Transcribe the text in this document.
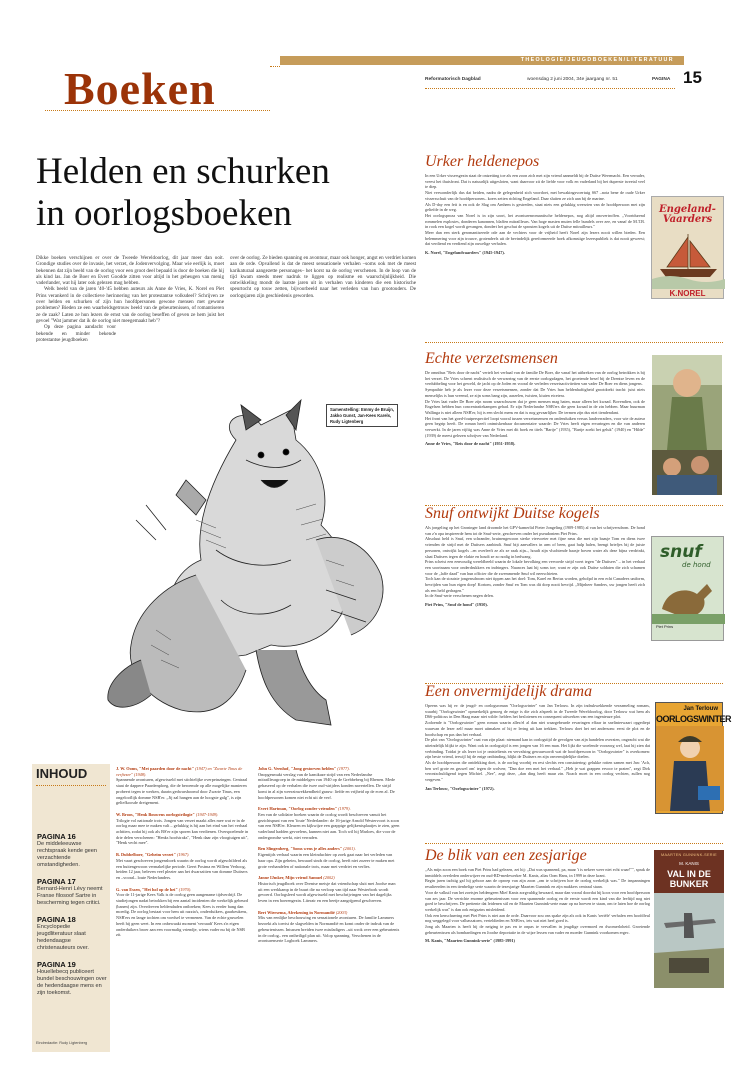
THEOLOGIE/JEUGDBOEKEN/LITERATUUR
Boeken	Reformatorisch Dagblad	woensdag 2 juni 2004, 34e jaargang nr. 51	PAGINA 15
Helden en schurken
in oorlogsboeken
Dikke boeken verschijnen er over de Tweede Wereldoorlog, dit jaar meer dan ooit. Grondige studies over de invasie, het verzet, de Jodenvervolging. Maar wie eerlijk is, moet bekennen dat zijn beeld van de oorlog voor een groot deel bepaald is door de boeken die hij als kind las. Jan de Boer en Evert Goodde zitten voor altijd in het geheugen van menig vaderlander, wat hij later ook gelezen mag hebben.
Welk beeld van de jaren '40-'45 hebben auteurs als Anne de Vries, K. Norel en Piet Prins verankerd in de collectieve herinnering van het protestantse volksdeel? Schrijven ze over helden en schurken of zijn hun hoofdpersonen gewone mensen met gewone problemen? Bieden ze een waarheidsgetrouw beeld van de gebeurtenissen, of romantiseren ze de zaak? Laten ze hun lezers de ernst van de oorlog beseffen of geven ze hem juist het gevoel "Wat jammer dat ik de oorlog niet meegemaakt heb"?
Op deze pagina aandacht voor bekende en minder bekende protestantse jeugdboeken
over de oorlog. Ze bieden spanning en avontuur, maar ook honger, angst en verdriet komen aan de orde. Opvallend is dat de meest sensationele verhalen –soms ook met de meest karikaturaal aangezette personages– het korst na de oorlog verschenen. In de loop van de tijd kwam steeds meer nadruk te liggen op realisme en waarschijnlijkheid. Die ontwikkeling mondt de laatste jaren uit in verhalen van kinderen die een historische speurtocht op touw zetten, bijvoorbeeld naar het verleden van hun grootouders. De oorlogsjaren zijn geschiedenis geworden.
Samenstelling: Emmy de Bruijn, Jakko Gunst, Jan-Kees Karels, Rudy Ligtenberg
INHOUD
PAGINA 16
De middeleeuwse rechtspraak kende geen verzachtende omstandigheden.
PAGINA 17
Bernard-Henri Lévy neemt Franse filosoof Sartre in bescherming tegen critici.
PAGINA 18
Encyclopedie jeugdliteratuur slaat hedendaagse christenauteurs over.
PAGINA 19
Houellebecq publiceert bundel beschouwingen over de hedendaagse mens en zijn toekomst.
Eindredactie: Rudy Ligtenberg
J. W. Ooms, "Met paarden door de nacht" (1947) en "Zwarte Tinus de verftezer" (1948).
Spannende avonturen, afgewisseld met stichtelijke overpeinzingen. Centraal staat de dappere Paardenploeg, die de beroemde op alle mogelijke manieren probeert tegen te werken, daarin gedwarsboomd door Zwarte Tinus, een ongelooflijk domme NSB'er. „Jij zal hangen aan de hoogste galg", is zijn geliefkoosde dreigement.
W. Broos, "Henk Bouwens oorlogstrilogie" (1947-1949).
Trilogie vol nationale trots. Jongen van verzet maakt alles mee wat er in de oorlog maar mee te maken valt – gelukkig is hij aan het eind van het verhaal achttien, zodat hij ook als BS'er zijn sporen kan verdienen. Overspoelende in drie delen verschenen: "Henks hoofstraks", "Henk daar zijn vloogtuigen uit", "Henk vecht mee".
B. Dubbelboer, "Geheim verzet" (1967).
Met vaart geschreven jongensboek waarin de oorlog wordt afgeschilderd als een buitengewoon vermakelijke periode. Geert Postma en Willem Verhoog, beiden 12 jaar, beleven veel plezier aan het dwarszitten van domme Duitsers en –vooral– loute Nederlanders.
G. van Essen, "Het hol op de hei" (1970).
Voor de 11-jarige Kees Valk is de oorlog geen aangename tijdverdrijf. De studiejongen nadat betrokken bij een aantal incidenten die werkelijk gebeurd (banen) zijn. Overdreven heldendaden ontbreken; Kees is eerder bang dan moedig. De oorlog bestaat voor hem uit razzia's, onderduikers, gaarkeukens, NSB'ers en lange tochten om voedsel te vermenen. Van de echte gruwelen heeft hij geen weet. In een onbewaakt moment 'verraadt' Kees z'n eigen onderduikers broer aan een voormalig vriendje, wiens vader nu bij de NSB zit.
John G. Veenhof, "Jong gestorven helden" (1977).
Onopgesmukt verslag van de kamikaze strijd van een Nederlandse mitrailleurgroep in de middelgen van 1940 op de Grebbeberg bij Rhenen. Mede gebaseerd op de verhalen die twee oud-strijders konden navertellen. De strijd komt in al zijn weerzinwekkendheid grauw: liefde en vrijheid op de ecen al. De hoofdpersonen komen niet echt uit de verf.
Evert Hartman, "Oorlog zonder vrienden" (1979).
Een van de solidaire boeken waarin de oorlog wordt beschreven vanuit het gezichtspunt van een 'foute' Nederlander: de 16-jarige Arnold Westervoort is zoon van een NSB'er. Kleuren en kijkwijze een grappige gelijkenisplaatjes te zien, geen vaderland hadden gevoelens, kunnen niet aan. Toch wil hij Marloes, die voor de ondergrondse werkt, niet verraden.
Ben Slingenberg, "Soms wens je alles anders" (2001).
Eigentijds verhaal waarin een kleinduchter op zoek gaat naar het verleden van haar opa. Zijn geheim, bewaard sinds de oorlog, heeft niet zozeer te maken met grote verhandelen of nationale trots, maar met verdriet en verlies.
Janne IJmker, Mijn vriend Samuel (2002)
Historisch jeugdboek over Drentse meisje dat vriendschap sluit met Joodse man uit een werkkamp in de buurt die na verloop van tijd naar Westerbork wordt gevoerd. Oorlogsleed wordt afgewisseld met beschrijvingen van het dagelijks leven in een boerengezin. Literair en een beetje aangrijpend geschreven.
Bert Wiersema, Afrekening in Normandië (2003)
Mix van eenlijke beschouwing en sensationele avonturen. De familie Lammers bezoekt als toerist de slagvelden in Normandië en komt onder de indruk van de gebeurtenissen. Intussen breiden twee misdadigers –uit wrok over een gebeurtenis in de oorlog– een ontheiligd plan uit. Volop spanning. Verschenen in de avonturenserie Logboek Lammers.
Urker heldenepos
In een Urker vissersgezin staat de ontzetting toe als een zoon zich met zijn vriend aanmeldt bij de Duitse Weermacht. Een verrader, vreest het thuisfront. Dat is natuurlijk uitgesloten, want daarvoor zit de liefde voor volk en vaderland bij het duperste tweetal veel te diep.
Niet verwonderlijk dus dat beiden, nadra de gelegenheid zich voordoet, met bewakingsvoertuig S67 –nota bene de oude Urker vissersschuit van de hoofdpersonen– koers zetten richting Engeland. Daar sluiten ze zich aan bij de marine.
Als D-day een feit is en ook de Slag om Arnhem is gestreden, staat niets een gelukkig weerzien van de hoofdpersoon met zijn geliefde in de weg.
Het oorlogsproza van Norel is in zijn soort, het avonturenromantische heldenepos, nog altijd onovertroffen. „Voortdurend rommelen explosies, donderen kanonnen, blaffen mitrailleurs. Van hoge masten muien felle bundels over zee, en vanaf de M.T.B. in rook een kogel wordt gevangen, dondert het geschut de sprouten kogels uit de Duitse mitrailleurs."
Meer dan een sterk geromantiseerde ode aan de vechters voor de vrijheid heeft Norel zijn lezers nooit willen bieden. Een belemmering voor zijn trouwe, grotendeels uit de bevindelijk gereformeerde hoek afkomstige lezerspubliek is dat nooit geweest; dat verdiend en verdiend zijn ouwelige verhalen.
K. Norel, "Engelandvaarders" (1945-1947).
Engeland-Vaarders
K.NOREL
Echte verzetsmensen
De omnibus "Reis door de nacht" vertelt het verhaal van de familie De Boer, die vanaf het uitbreken van de oorlog betrokken is bij het verzet. De Vries schrent realistisch de verwarring van de eerste oorlogsdagen, het groeiende besef bij de Drentse leven en de verdubbeling voor het geweld, de jacht op de Joden en vooral de verleden verzetsactiviteiten van vader De Boer en diens jongens.
Sympathie heb je als lezer voor deze verzetsmensen, zonder dat De Vries hun heldenhaftigheid grootdoekt tracht: juist niets menselijks is hun vreemd, ze zijn soms bang zijn, aarzelen, twisten, kiuien etcetera.
De Vries laat vader De Boer zijn noom waarschuwen dat je geen mensen mag haten, maar alleen het kwaad. Bovendien, ook de Engelsen hebben hun concentratiekampen gehad. Er zijn Nederlandse NSB'ers die geen kwaad in de zin hebben. Maar buurman Wallinga is niet alleen NSB'er, hij is een slecht mens en dat is nog gevaarlijker. De termen zijn dus niet tiendendant.
Het front van het goed-foutperspectief loopt vooral tussen verzetsmensen en ondenduiken versus landverraders, voor wie de auteur geen begrip heeft. De roman heeft ontmiskenbaar documentaire waarde: De Vries heeft eigen ervaringen en die van anderen verwerkt. In de jaren vijftig was Anne de Vries met dit boek en titels "Bartje" (1935), "Bartje zoekt het geluk" (1940) en "Hilde" (1939) de meest gelezen schrijver van Nederland.
Anne de Vries, "Reis door de nacht" (1951-1958).
Snuf ontwijkt Duitse kogels
Als jongeling op het Groninger land droomde het GPV-kamerlid Pieter Jongeling (1909-1985) al van het schrijversdrom. De hond van z'n opa inspireerde hem tot de Snuf-serie, geschreven onder het pseudoniem Piet Prins.
Absoluut held is Snuf, een schrander, bruinengewoon sterke viervoeter met fijne neus die met zijn baasje Tom en diens twee vrienden de strijd met de Duitsers aanbindt. Snuf bijt aanvallers in arm of been, gaat hulp halen, brengt briefjes bij de juiste personen, ontwijkt kogels –en overleeft ze als ze raak zijn–, houdt zijn vluchtende baasje boven water als deze bijna verdrinkt, slaat Duitsers tegen de vlakte en houdt ze zo nodig in bedwang.
Prins schetst een eenvoudig wereldbeeld waarin de lokale bevolking een vervoede strijd voert tegen "de Duitsers" – in het verhaal een soortnaam voor onderdrukkers en indringers. Nuances laat hij soms toe; want er zijn ook Duitse soldaten die zich schamen voor de „laffe daad" van hun officier die de zwemmende Snuf wil neerschieten.
Toch kan de stoutste jongensdroom niet tippen aan het doel: Tom, Karel en Bertus worden, geholpd in een echt Canadees uniform, bevrijden van hun eigen dorp! Kortom, zonder Snuf en Tom was dit dorp nooit bevrijd. „Mijnheer Sanders, uw jongen heeft zich als een held gedragen."
In de Snuf-serie verschenen negen delen.
Piet Prins, "Snuf de hond" (1950).
snuf
de hond
Piet Prins
Een onvermijdelijk drama
Opeens was hij er: de jeugd- en oorlogsroman "Oorlogswinter" van Jan Terlouw. In zijn indrukwekkende verzameling romans, waarbij "Oorlogswinter" opmerkelijk genoeg de enige is die zich afspeelt in de Tweede Wereldoorlog, door Terlouw wat hem als D66-politicus in Den Haag maar niet wilde: helders het beslotenen en consequent uitwerken van een ingenieuze plot.
Zodoende is "Oorlogswinter" geen roman waarin alles/el al dan niet waargebeurde ervaringen effaar in snelinterwaart opgediept waarvan de lezer zelf maar moet uitmaken of hij er lering uit kan trekken. Terlouw doet het net andersom: eerst de plot en de boodschap en pas dan het verhaal.
De plot van "Oorlogswinter" raat van zijn plaat: niemand kan in oorlogstijd de gevolgen van zijn handelen overzien, ongeacht wat die uiteindelijk blijkt te zijn. Want ook in oorlogstijd is een jongen van 16 een man. Het lijkt die woelende voorzorg wel, laat hij zien dat verbinding. Totdat je als lezer tot je ontsteltenis en vervalsing gewaarwordt wat de hoofdpersoon in "Oorlogswinter" is overkomen: zijn beste vriend, terwijl hij de enige ontbinding, blijkt de Duitsers en zijn onvermijdelijke doelen.
Als de hoofdpersoon die ontdekking doet, is de oorlog voorbij en rest slechts een constatering: gelukke rotten samen met Jan: 'Ach, ben wel grote en gruwel om' tegen de wolven; "Dan doe een met het verhaal." „Heb je wat grappen ervoor te praten", zegt Dirk verontschuldigend tegen Michiel. „Nee", zegt deze, „dan ding heeft maar zin. Noach moet in een oorlog vechten, zullen nog vergeven."
Jan Terlouw, "Oorlogswinter" (1972).
Jan Terlouw
OORLOGSWINTER
De blik van een zesjarige
„Als mijn zoon een boek van Piet Prins had gelezen, zei hij: „Dat was spannend, pa, maar 't is nekeer weer niet echt waar!"", sprak de inmiddels overleden onderwijzer en oud-RD-medewerker M. Kanis, alias Oom Hans, in 1999 in deze krant.
Begin jaren tachtig gaf hij gehoor aan de oproep van zijn zoon „om te schrijven hoe de oorlog werkelijk was." De inspanningen resulteerden in een tienbelige serie waarin de tezesjarige Maarten Gunnink en zijn makkers centraal staan.
Voor de valkuil van het zoetsjes heldengeen Mief Kanis zorgvuldig bewaard, maar dan vooral doordat hij koos voor een hoofdpersoon van zes jaar. De verrichte enorme gebeurtenissen voor een spannende oorlog en de eerste wordt een kind van die leeftijd nog niet goed te beschrijven. De prettente dat leidenen stil en de Maarten Gunnink-serie maar op na hoeven te staan, om te laten hoe de oorlog werkelijk was" is dan ook enigszins misleidend.
Ook een kenschaering met Piet Prins is niet aan de orde. Daarvoor zou ons spake zijn als ook in Kanis 'seriële' verhalen een hoofdfeul nog weggelegd voor valbassatoen, verteldieden en NSB'ers, iets wat niet heel goed is.
Jong als Maarten is heeft hij de neiging te pas en te onpas te vervallen in jeugdige overmoed en dwomerloheid. Groeiende gebeurtenissen als bombardingen en Joodse deportatie in de wijze lessen van vader en moeder Gunnink voorkomen ergec.
M. Kanis, "Maarten Gunnink-serie" (1985-1991)
MAARTEN GUNNINK-SERIE
M. KANIS
VAL IN DE BUNKER
